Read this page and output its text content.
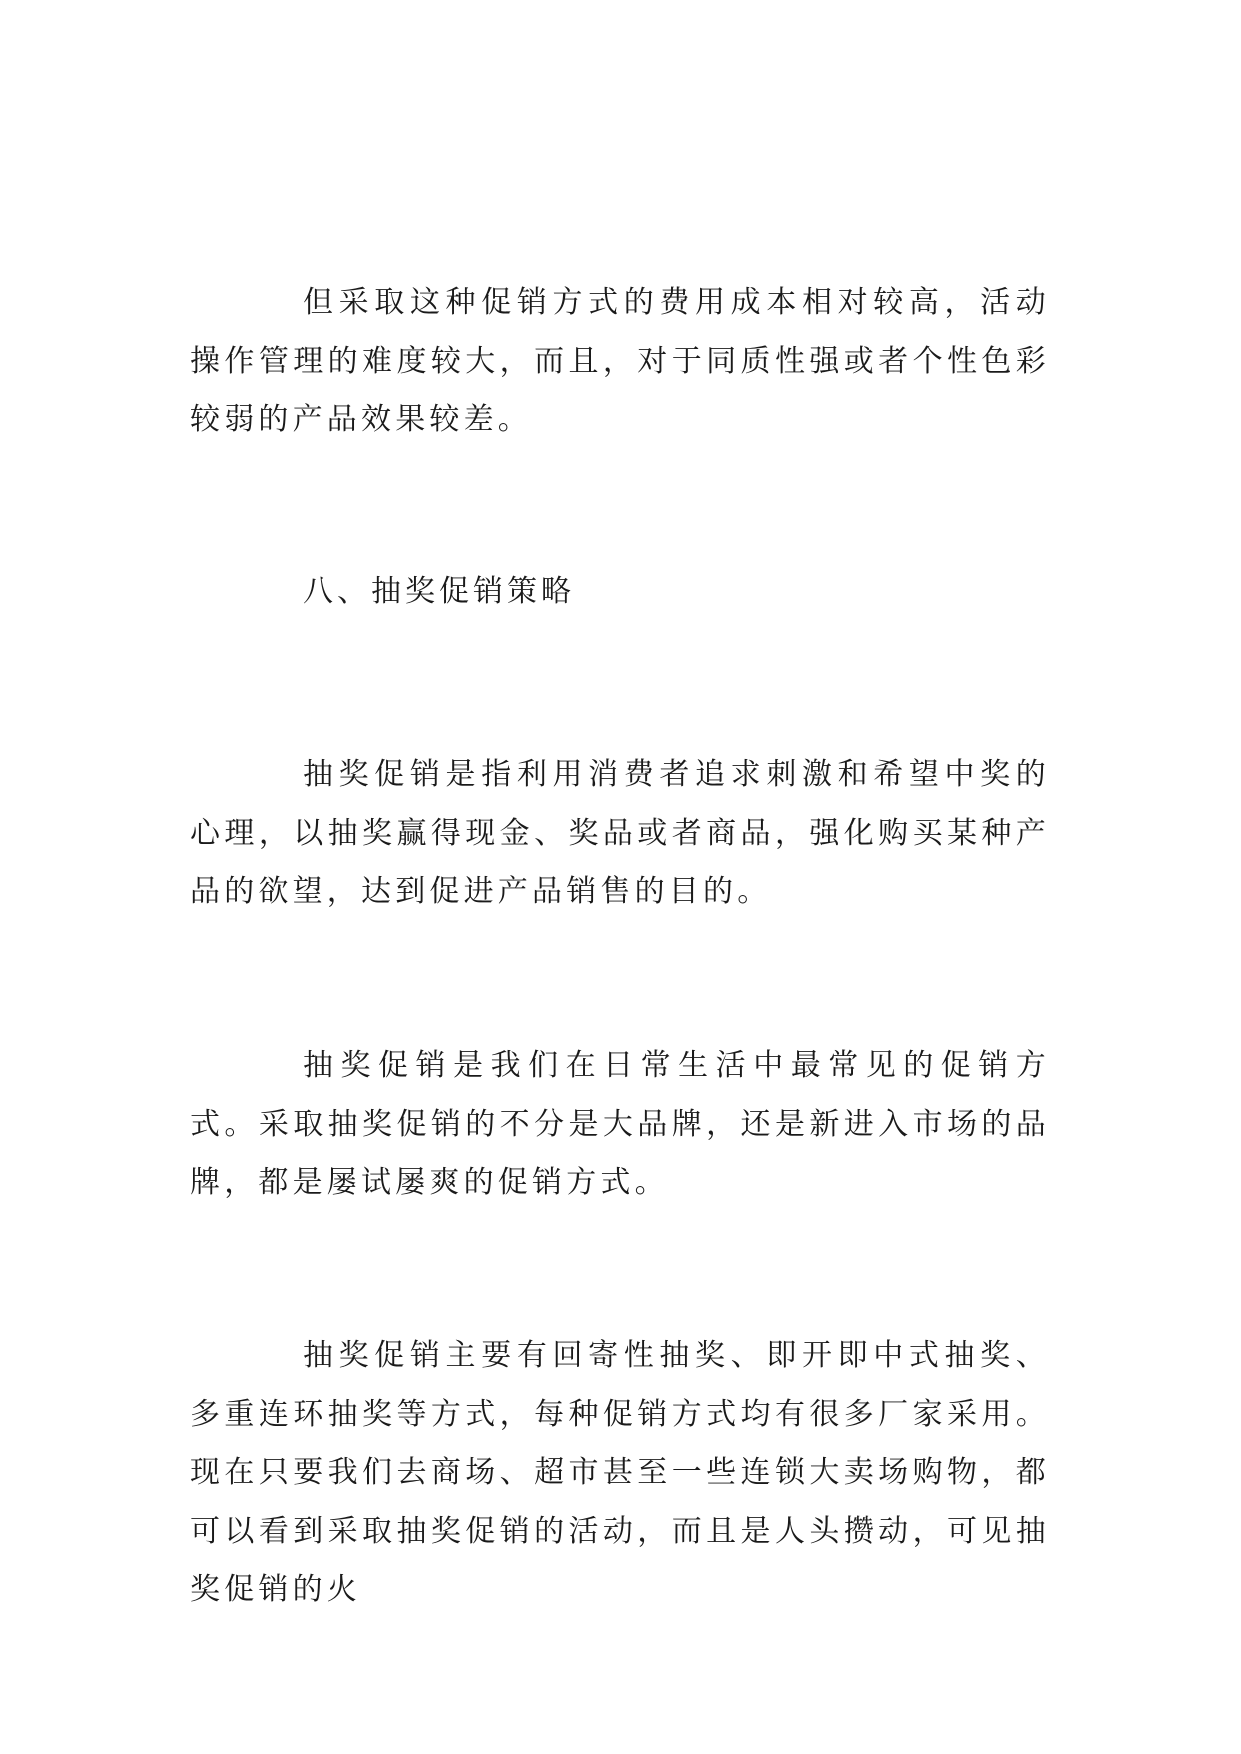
但采取这种促销方式的费用成本相对较高，活动操作管理的难度较大，而且，对于同质性强或者个性色彩较弱的产品效果较差。

八、抽奖促销策略

抽奖促销是指利用消费者追求刺激和希望中奖的心理，以抽奖赢得现金、奖品或者商品，强化购买某种产品的欲望，达到促进产品销售的目的。

抽奖促销是我们在日常生活中最常见的促销方式。采取抽奖促销的不分是大品牌，还是新进入市场的品牌，都是屡试屡爽的促销方式。

抽奖促销主要有回寄性抽奖、即开即中式抽奖、多重连环抽奖等方式，每种促销方式均有很多厂家采用。现在只要我们去商场、超市甚至一些连锁大卖场购物，都可以看到采取抽奖促销的活动，而且是人头攒动，可见抽奖促销的火
